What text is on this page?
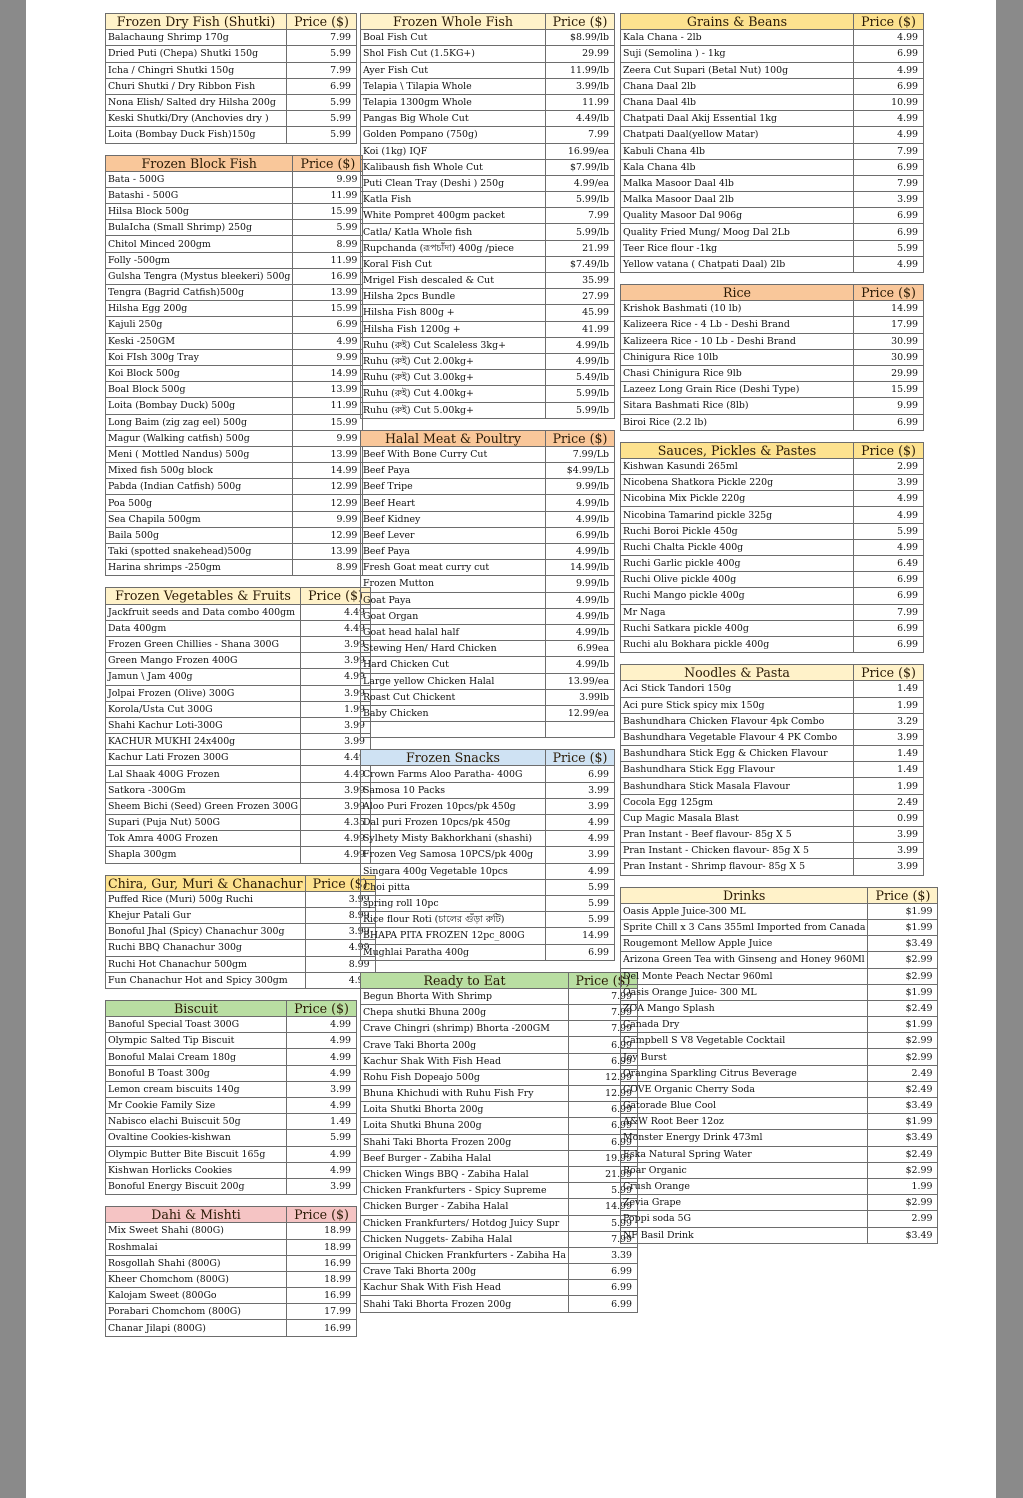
Frozen Dry Fish (Shutki)	Price ($)
Balachaung Shrimp 170g	7.99
Dried Puti (Chepa) Shutki 150g	5.99
Icha / Chingri Shutki 150g	7.99
Churi Shutki / Dry Ribbon Fish	6.99
Nona Elish/ Salted dry Hilsha 200g	5.99
Keski Shutki/Dry (Anchovies dry )	5.99
Loita (Bombay Duck Fish)150g	5.99
Frozen Block Fish	Price ($)
Bata - 500G	9.99
Batashi - 500G	11.99
Hilsa Block 500g	15.99
BulaIcha (Small Shrimp) 250g	5.99
Chitol Minced 200gm	8.99
Folly -500gm	11.99
Gulsha Tengra (Mystus bleekeri) 500g	16.99
Tengra (Bagrid Catfish)500g	13.99
Hilsha Egg 200g	15.99
Kajuli 250g	6.99
Keski -250GM	4.99
Koi FIsh 300g Tray	9.99
Koi Block 500g	14.99
Boal Block 500g	13.99
Loita (Bombay Duck) 500g	11.99
Long Baim (zig zag eel) 500g	15.99
Magur (Walking catfish) 500g	9.99
Meni ( Mottled Nandus) 500g	13.99
Mixed fish 500g block	14.99
Pabda (Indian Catfish) 500g	12.99
Poa 500g	12.99
Sea Chapila 500gm	9.99
Baila 500g	12.99
Taki (spotted snakehead)500g	13.99
Harina shrimps -250gm	8.99
Frozen Vegetables & Fruits	Price ($)
Jackfruit seeds and Data combo 400gm	4.49
Data 400gm	4.49
Frozen Green Chillies - Shana 300G	3.99
Green Mango Frozen 400G	3.99
Jamun \ Jam 400g	4.99
Jolpai Frozen (Olive) 300G	3.99
Korola/Usta Cut 300G	1.99
Shahi Kachur Loti-300G	3.99
KACHUR MUKHI 24x400g	3.99
Kachur Lati Frozen 300G	4.49
Lal Shaak 400G Frozen	4.49
Satkora -300Gm	3.99
Sheem Bichi (Seed) Green Frozen 300G	3.99
Supari (Puja Nut) 500G	4.35
Tok Amra 400G Frozen	4.99
Shapla 300gm	4.99
Chira, Gur, Muri & Chanachur	Price ($)
Puffed Rice (Muri) 500g Ruchi	3.99
Khejur Patali Gur	8.99
Bonoful Jhal (Spicy) Chanachur 300g	3.99
Ruchi BBQ Chanachur 300g	4.99
Ruchi Hot Chanachur 500gm	8.99
Fun Chanachur Hot and Spicy 300gm	4.99
Biscuit	Price ($)
Banoful Special Toast 300G	4.99
Olympic Salted Tip Biscuit	4.99
Bonoful Malai Cream 180g	4.99
Bonoful B Toast 300g	4.99
Lemon cream biscuits 140g	3.99
Mr Cookie Family Size	4.99
Nabisco elachi Buiscuit 50g	1.49
Ovaltine Cookies-kishwan	5.99
Olympic Butter Bite Biscuit 165g	4.99
Kishwan Horlicks Cookies	4.99
Bonoful Energy Biscuit 200g	3.99
Dahi & Mishti	Price ($)
Mix Sweet Shahi (800G)	18.99
Roshmalai	18.99
Rosgollah Shahi (800G)	16.99
Kheer Chomchom (800G)	18.99
Kalojam Sweet (800Go	16.99
Porabari Chomchom (800G)	17.99
Chanar Jilapi (800G)	16.99
Frozen Whole Fish	Price ($)
Boal Fish Cut	$8.99/lb
Shol Fish Cut (1.5KG+)	29.99
Ayer Fish Cut	11.99/lb
Telapia \ Tilapia Whole	3.99/lb
Telapia 1300gm Whole	11.99
Pangas Big Whole Cut	4.49/lb
Golden Pompano (750g)	7.99
Koi (1kg) IQF	16.99/ea
Kalibaush fish Whole Cut	$7.99/lb
Puti Clean Tray (Deshi ) 250g	4.99/ea
Katla Fish	5.99/lb
White Pompret 400gm packet	7.99
Catla/ Katla Whole fish	5.99/lb
Rupchanda (রূপচাঁদা) 400g /piece	21.99
Koral Fish Cut	$7.49/lb
Mrigel Fish descaled & Cut	35.99
Hilsha 2pcs Bundle	27.99
Hilsha Fish 800g +	45.99
Hilsha Fish 1200g +	41.99
Ruhu (রুই) Cut Scaleless 3kg+	4.99/lb
Ruhu (রুই) Cut 2.00kg+	4.99/lb
Ruhu (রুই) Cut 3.00kg+	5.49/lb
Ruhu (রুই) Cut 4.00kg+	5.99/lb
Ruhu (রুই) Cut 5.00kg+	5.99/lb
Halal Meat & Poultry	Price ($)
Beef With Bone Curry Cut	7.99/Lb
Beef Paya	$4.99/Lb
Beef Tripe	9.99/lb
Beef Heart	4.99/lb
Beef Kidney	4.99/lb
Beef Lever	6.99/lb
Beef Paya	4.99/lb
Fresh Goat meat curry cut	14.99/lb
Frozen Mutton	9.99/lb
Goat Paya	4.99/lb
Goat Organ	4.99/lb
Goat head halal half	4.99/lb
Stewing Hen/ Hard Chicken	6.99ea
Hard Chicken Cut	4.99/lb
Large yellow Chicken Halal	13.99/ea
Roast Cut Chickent	3.99lb
Baby Chicken	12.99/ea

Frozen Snacks	Price ($)
Crown Farms Aloo Paratha- 400G	6.99
Samosa 10 Packs	3.99
Aloo Puri Frozen 10pcs/pk 450g	3.99
Dal puri Frozen 10pcs/pk 450g	4.99
Sylhety Misty Bakhorkhani (shashi)	4.99
Frozen Veg Samosa 10PCS/pk 400g	3.99
Singara 400g Vegetable 10pcs	4.99
Choi pitta	5.99
spring roll 10pc	5.99
Rice flour Roti (চালের গুঁড়া রুটি)	5.99
BHAPA PITA FROZEN 12pc_800G	14.99
Mughlai Paratha 400g	6.99
Ready to Eat	Price ($)
Begun Bhorta With Shrimp	7.99
Chepa shutki Bhuna 200g	7.99
Crave Chingri (shrimp) Bhorta -200GM	7.99
Crave Taki Bhorta 200g	6.99
Kachur Shak With Fish Head	6.99
Rohu Fish Dopeajo 500g	12.99
Bhuna Khichudi with Ruhu Fish Fry	12.99
Loita Shutki Bhorta 200g	6.99
Loita Shutki Bhuna 200g	6.99
Shahi Taki Bhorta Frozen 200g	6.99
Beef Burger - Zabiha Halal	19.99
Chicken Wings BBQ - Zabiha Halal	21.99
Chicken Frankfurters - Spicy Supreme	5.99
Chicken Burger - Zabiha Halal	14.99
Chicken Frankfurters/ Hotdog Juicy Supr	5.99
Chicken Nuggets- Zabiha Halal	7.99
Original Chicken Frankfurters - Zabiha Ha	3.39
Crave Taki Bhorta 200g	6.99
Kachur Shak With Fish Head	6.99
Shahi Taki Bhorta Frozen 200g	6.99
Grains & Beans	Price ($)
Kala Chana - 2lb	4.99
Suji (Semolina ) - 1kg	6.99
Zeera Cut Supari (Betal Nut) 100g	4.99
Chana Daal 2lb	6.99
Chana Daal 4lb	10.99
Chatpati Daal Akij Essential 1kg	4.99
Chatpati Daal(yellow Matar)	4.99
Kabuli Chana 4lb	7.99
Kala Chana 4lb	6.99
Malka Masoor Daal 4lb	7.99
Malka Masoor Daal 2lb	3.99
Quality Masoor Dal 906g	6.99
Quality Fried Mung/ Moog Dal 2Lb	6.99
Teer Rice flour -1kg	5.99
Yellow vatana ( Chatpati Daal) 2lb	4.99
Rice	Price ($)
Krishok Bashmati (10 lb)	14.99
Kalizeera Rice - 4 Lb - Deshi Brand	17.99
Kalizeera Rice - 10 Lb - Deshi Brand	30.99
Chinigura Rice 10lb	30.99
Chasi Chinigura Rice 9lb	29.99
Lazeez Long Grain Rice (Deshi Type)	15.99
Sitara Bashmati Rice (8lb)	9.99
Biroi Rice (2.2 lb)	6.99
Sauces, Pickles & Pastes	Price ($)
Kishwan Kasundi 265ml	2.99
Nicobena Shatkora Pickle 220g	3.99
Nicobina Mix Pickle 220g	4.99
Nicobina Tamarind pickle 325g	4.99
Ruchi Boroi Pickle 450g	5.99
Ruchi Chalta Pickle 400g	4.99
Ruchi Garlic pickle 400g	6.49
Ruchi Olive pickle 400g	6.99
Ruchi Mango pickle 400g	6.99
Mr Naga	7.99
Ruchi Satkara pickle 400g	6.99
Ruchi alu Bokhara pickle 400g	6.99
Noodles & Pasta	Price ($)
Aci Stick Tandori 150g	1.49
Aci pure Stick spicy mix 150g	1.99
Bashundhara Chicken Flavour 4pk Combo	3.29
Bashundhara Vegetable Flavour 4 PK Combo	3.99
Bashundhara Stick Egg & Chicken Flavour	1.49
Bashundhara Stick Egg Flavour	1.49
Bashundhara Stick Masala Flavour	1.99
Cocola Egg 125gm	2.49
Cup Magic Masala Blast	0.99
Pran Instant - Beef flavour- 85g X 5	3.99
Pran Instant - Chicken flavour- 85g X 5	3.99
Pran Instant - Shrimp flavour- 85g X 5	3.99
Drinks	Price ($)
Oasis Apple Juice-300 ML	$1.99
Sprite Chill x 3 Cans 355ml Imported from Canada	$1.99
Rougemont Mellow Apple Juice	$3.49
Arizona Green Tea with Ginseng and Honey 960Ml	$2.99
Del Monte Peach Nectar 960ml	$2.99
Oasis Orange Juice- 300 ML	$1.99
ZOA Mango Splash	$2.49
Canada Dry	$1.99
Campbell S V8 Vegetable Cocktail	$2.99
Joy Burst	$2.99
Orangina Sparkling Citrus Beverage	2.49
COVE Organic Cherry Soda	$2.49
Gatorade Blue Cool	$3.49
A&W Root Beer 12oz	$1.99
Monster Energy Drink 473ml	$3.49
Eska Natural Spring Water	$2.49
Roar Organic	$2.99
Crush Orange	1.99
Zevia Grape	$2.99
Poppi soda 5G	2.99
NF Basil Drink	$3.49
